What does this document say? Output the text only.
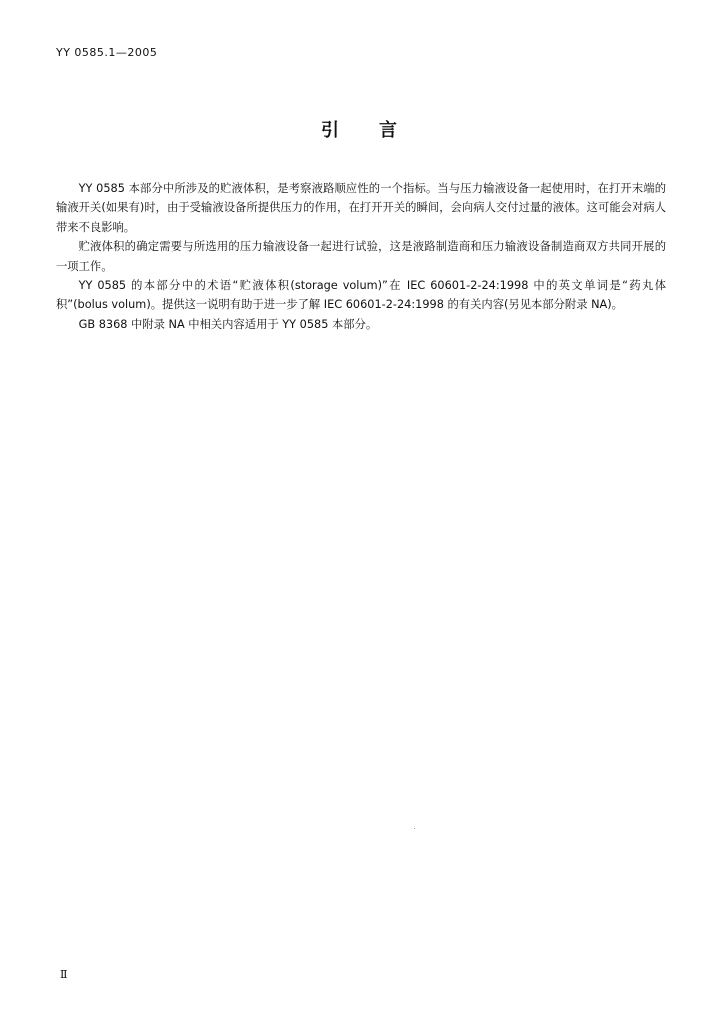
YY 0585.1—2005
引言

YY 0585 本部分中所涉及的贮液体积，是考察液路顺应性的一个指标。当与压力输液设备一起使用时，在打开末端的输液开关(如果有)时，由于受输液设备所提供压力的作用，在打开开关的瞬间，会向病人交付过量的液体。这可能会对病人带来不良影响。

贮液体积的确定需要与所选用的压力输液设备一起进行试验，这是液路制造商和压力输液设备制造商双方共同开展的一项工作。

YY 0585 的本部分中的术语“贮液体积(storage volum)”在 IEC 60601-2-24:1998 中的英文单词是“药丸体积”(bolus volum)。提供这一说明有助于进一步了解 IEC 60601-2-24:1998 的有关内容(另见本部分附录 NA)。

GB 8368 中附录 NA 中相关内容适用于 YY 0585 本部分。

Ⅱ
